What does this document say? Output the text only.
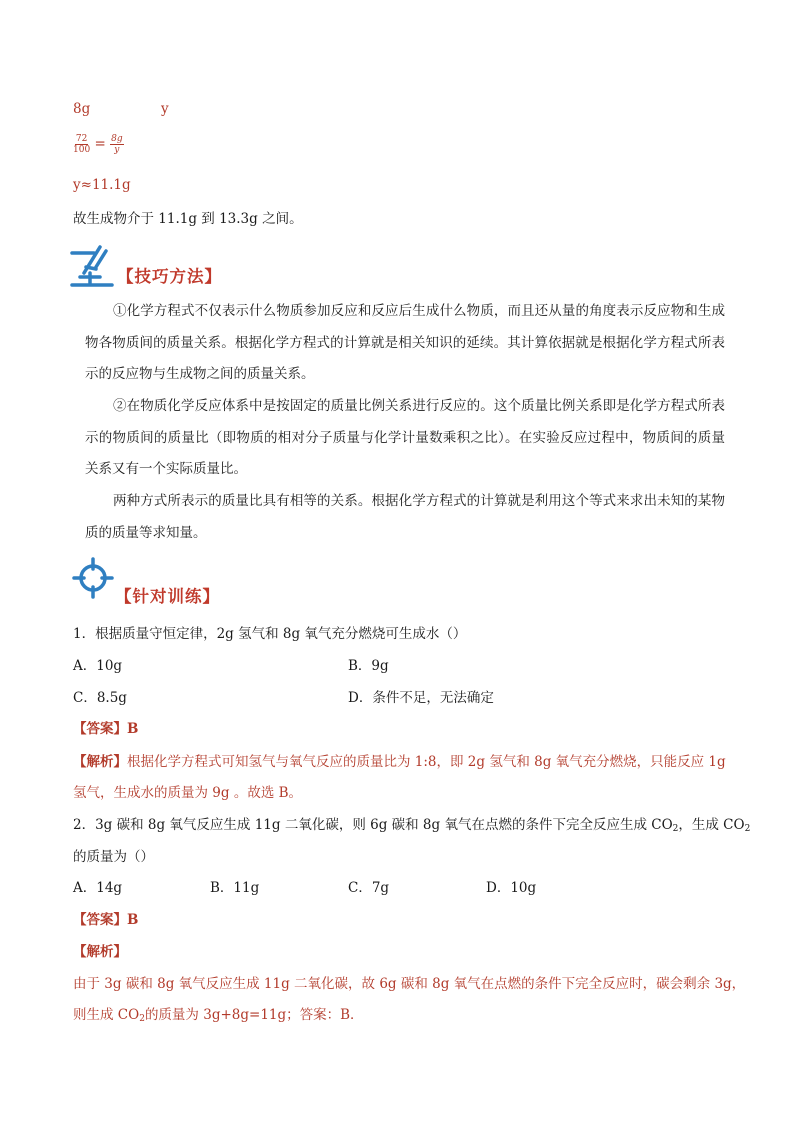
8g	y
$\frac{72}{100} = \frac{8g}{y}$
y≈11.1g
故生成物介于 11.1g 到 13.3g 之间。
【技巧方法】
①化学方程式不仅表示什么物质参加反应和反应后生成什么物质，而且还从量的角度表示反应物和生成物各物质间的质量关系。根据化学方程式的计算就是相关知识的延续。其计算依据就是根据化学方程式所表示的反应物与生成物之间的质量关系。
②在物质化学反应体系中是按固定的质量比例关系进行反应的。这个质量比例关系即是化学方程式所表示的物质间的质量比（即物质的相对分子质量与化学计量数乘积之比）。在实验反应过程中，物质间的质量关系又有一个实际质量比。
两种方式所表示的质量比具有相等的关系。根据化学方程式的计算就是利用这个等式来求出未知的某物质的质量等求知量。
【针对训练】
1．根据质量守恒定律，2g 氢气和 8g 氧气充分燃烧可生成水（）
A．10g	B．9g
C．8.5g	D．条件不足，无法确定
【答案】B
【解析】根据化学方程式可知氢气与氧气反应的质量比为 1:8，即 2g 氢气和 8g 氧气充分燃烧，只能反应 1g
氢气，生成水的质量为 9g 。故选 B。
2．3g 碳和 8g 氧气反应生成 11g 二氧化碳，则 6g 碳和 8g 氧气在点燃的条件下完全反应生成 $CO_2$，生成 $CO_2$
的质量为（）
A．14g	B．11g	C．7g	D．10g
【答案】B
【解析】
由于 3g 碳和 8g 氧气反应生成 11g 二氧化碳，故 6g 碳和 8g 氧气在点燃的条件下完全反应时，碳会剩余 3g，
则生成 $CO_2$的质量为 3g+8g=11g；答案：B．
